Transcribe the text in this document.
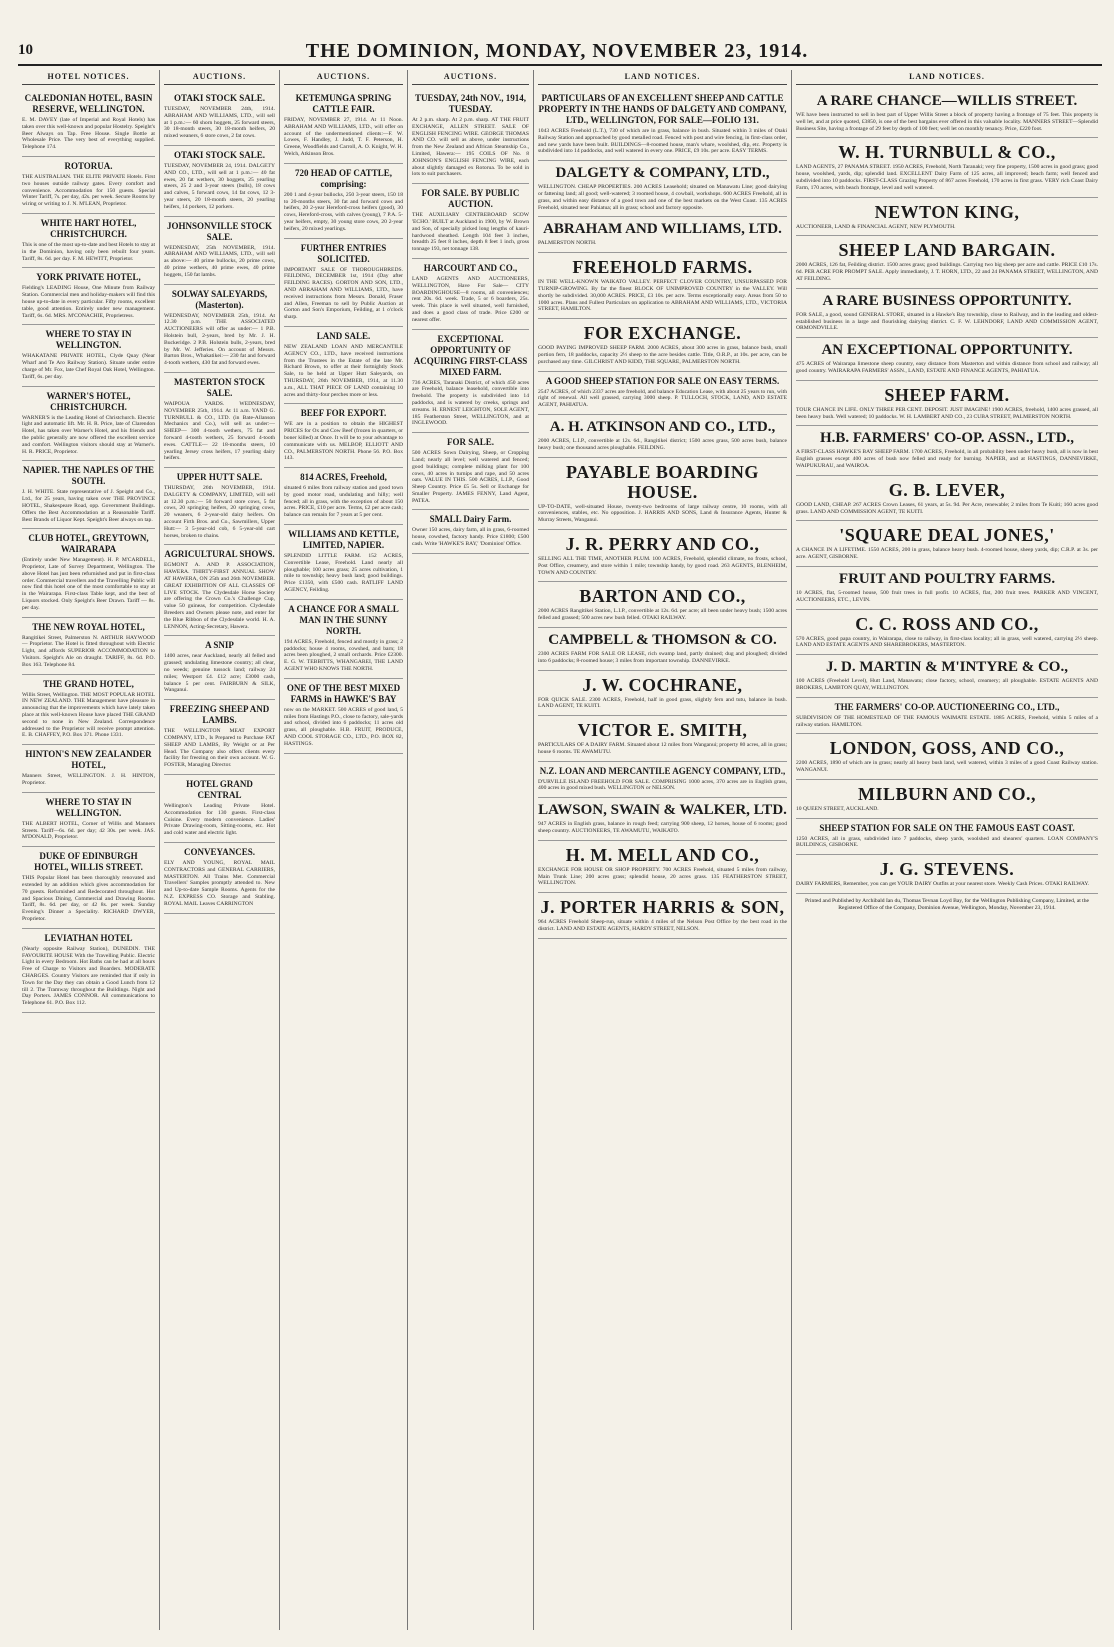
10	THE DOMINION, MONDAY, NOVEMBER 23, 1914.
HOTEL NOTICES.
CALEDONIAN HOTEL, BASIN RESERVE, WELLINGTON.
E. M. DAVEY (late of Imperial and Royal Hotels) has taken over this well-known and popular Hostelry. Speight's Beer Always on Tap. Free House. Single Bottle at Wholesale Price. The very best of everything supplied. Telephone 174.
ROTORUA.
THE AUSTRALIAN. THE ELITE PRIVATE Hotels. First two houses outside railway gates. Every comfort and convenience. Accommodation for 150 guests. Special Winter Tariff, 7s. per day, 42s. per week. Secure Rooms by wiring or writing to J. N. M'LEAN, Proprietor.
WHITE HART HOTEL, CHRISTCHURCH.
This is one of the most up-to-date and best Hotels to stay at in the Dominion, having only been rebuilt four years. Tariff, 8s. 6d. per day. F. M. HEWITT, Proprietor.
YORK PRIVATE HOTEL,
Fielding's LEADING House, One Minute from Railway Station. Commercial men and holiday-makers will find this house up-to-date in every particular. Fifty rooms, excellent table, good attention. Entirely under new management. Tariff, 6s. 6d. MRS. M'CONACHIE, Proprietress.
WHERE TO STAY IN WELLINGTON.
WHAKATANE PRIVATE HOTEL, Clyde Quay (Near Wharf and Te Aro Railway Station). Situate under entire charge of Mr. Fox, late Chef Royal Oak Hotel, Wellington. Tariff, 6s. per day.
WARNER'S HOTEL, CHRISTCHURCH.
WARNER'S is the Leading Hotel of Christchurch. Electric light and automatic lift. Mr. H. R. Price, late of Clarendon Hotel, has taken over Warner's Hotel, and his friends and the public generally are now offered the excellent service and comfort. Wellington visitors should stay at Warner's. H. R. PRICE, Proprietor.
NAPIER. THE NAPLES OF THE SOUTH.
J. H. WHITE. State representative of J. Speight and Co., Ltd., for 25 years, having taken over THE PROVINCE HOTEL, Shakespeare Road, opp. Government Buildings. Offers the Best Accommodation at a Reasonable Tariff. Best Brands of Liquor Kept. Speight's Beer always on tap.
CLUB HOTEL, GREYTOWN, WAIRARAPA
(Entirely under New Management). H. P. M'CARDELL, Proprietor, Late of Survey Department, Wellington. The above Hotel has just been refurnished and put in first-class order. Commercial travellers and the Travelling Public will now find this hotel one of the most comfortable to stay at in the Wairarapa. First-class Table kept, and the best of Liquors stocked. Only Speight's Beer Drawn. Tariff — 8s. per day.
THE NEW ROYAL HOTEL,
Rangitikei Street, Palmerston N. ARTHUR HAYWOOD — Proprietor. The Hotel is fitted throughout with Electric Light, and affords SUPERIOR ACCOMMODATION to Visitors. Speight's Ale on draught. TARIFF, 8s. 6d. P.O. Box 163. Telephone 84.
THE GRAND HOTEL,
Willis Street, Wellington. THE MOST POPULAR HOTEL IN NEW ZEALAND. THE Management have pleasure in announcing that the improvements which have lately taken place at this well-known House have placed THE GRAND second to none in New Zealand. Correspondence addressed to the Proprietor will receive prompt attention. E. B. CHAFFEY, P.O. Box 371. Phone 1331.
HINTON'S NEW ZEALANDER HOTEL,
Manners Street, WELLINGTON. J. H. HINTON, Proprietor.
WHERE TO STAY IN WELLINGTON.
THE ALBERT HOTEL, Corner of Willis and Manners Streets. Tariff—6s. 6d. per day; 42 30s. per week. JAS. M'DONALD, Proprietor.
DUKE OF EDINBURGH HOTEL, WILLIS STREET.
THIS Popular Hotel has been thoroughly renovated and extended by an addition which gives accommodation for 70 guests. Refurnished and Redecorated throughout. Hot and Spacious Dining, Commercial and Drawing Rooms. Tariff, 8s. 6d. per day, or 42 8s. per week. Sunday Evening's Dinner a Speciality. RICHARD DWYER, Proprietor.
LEVIATHAN HOTEL
(Nearly opposite Railway Station), DUNEDIN. THE FAVOURITE HOUSE With the Travelling Public. Electric Light in every Bedroom. Hot Baths can be had at all hours Free of Charge to Visitors and Boarders. MODERATE CHARGES. Country Visitors are reminded that if only in Town for the Day they can obtain a Good Lunch from 12 till 2. The Tramway throughout the Buildings. Night and Day Porters. JAMES CONNOR. All communications to Telephone 61. P.O. Box 112.
AUCTIONS.
OTAKI STOCK SALE.
TUESDAY, NOVEMBER 24th, 1914. ABRAHAM AND WILLIAMS, LTD., will sell at 1 p.m.:— 60 shorn hoggets, 25 forward steers, 30 18-month steers, 30 18-month heifers, 20 mixed weaners, 6 store cows, 2 fat cows.
OTAKI STOCK SALE.
TUESDAY, NOVEMBER 24, 1914. DALGETY AND CO., LTD., will sell at 1 p.m.:— 40 fat ewes, 20 fat wethers, 30 hoggets, 25 yearling steers, 25 2 and 3-year steers (bulls), 18 cows and calves, 5 forward cows, 14 fat cows, 12 3-year steers, 20 18-month steers, 20 yearling heifers, 14 porkers, 12 porkers.
JOHNSONVILLE STOCK SALE.
WEDNESDAY, 25th NOVEMBER, 1914. ABRAHAM AND WILLIAMS, LTD., will sell as above:— 40 prime bullocks, 20 prime cows, 40 prime wethers, 40 prime ewes, 40 prime hoggets, 150 fat lambs.
SOLWAY SALEYARDS, (Masterton).
WEDNESDAY, NOVEMBER 25th, 1914. At 12.30 p.m. THE ASSOCIATED AUCTIONEERS will offer as under:— 1 P.B. Holstein bull, 2-years, bred by Mr. J. H. Buckeridge. 2 P.B. Holstein bulls, 2-years, bred by Mr. W. Jefferies. On account of Messrs. Barton Bros., Whakatikei:— 230 fat and forward 4-tooth wethers, 430 fat and forward ewes.
MASTERTON STOCK SALE.
WAIPOUA YARDS. WEDNESDAY, NOVEMBER 25th, 1914. At 11 a.m. YAND G. TURNBULL & CO., LTD. (in Bate-Allanson Mechanics and Co.), will sell as under:— SHEEP— 300 4-tooth wethers, 75 fat and forward 4-tooth wethers, 25 forward 4-tooth ewes. CATTLE— 22 18-months steers, 10 yearling Jersey cross heifers, 17 yearling dairy heifers.
UPPER HUTT SALE.
THURSDAY, 26th NOVEMBER, 1914. DALGETY & COMPANY, LIMITED, will sell at 12.30 p.m.:— 50 forward store cows, 5 fat cows, 20 springing heifers, 20 springing cows, 20 weaners, 6 2-year-old dairy heifers. On account Firth Bros. and Co., Sawmillers, Upper Hutt:— 3 5-year-old cob, 6 5-year-old cart horses, broken to chains.
AGRICULTURAL SHOWS.
EGMONT A. AND P. ASSOCIATION, HAWERA. THIRTY-FIRST ANNUAL SHOW AT HAWERA, ON 25th and 26th NOVEMBER. GREAT EXHIBITION OF ALL CLASSES OF LIVE STOCK. The Clydesdale Horse Society are offering the Crown Co.'s Challenge Cup, value 50 guineas, for competition. Clydesdale Breeders and Owners please note, and enter for the Blue Ribbon of the Clydesdale world. H. A. LENNON, Acting-Secretary, Hawera.
A SNIP
1400 acres, near Auckland, nearly all felled and grassed; undulating limestone country; all clear, no weeds; genuine tussock land; railway 24 miles; Westport £4. £12 acre; £3000 cash, balance 5 per cent. FAIRBURN & SILK, Wanganui.
FREEZING SHEEP AND LAMBS.
THE WELLINGTON MEAT EXPORT COMPANY, LTD., Is Prepared to Purchase FAT SHEEP AND LAMBS, By Weight or at Per Head. The Company also offers clients every facility for freezing on their own account. W. G. FOSTER, Managing Director.
HOTEL GRAND CENTRAL
Wellington's Leading Private Hotel. Accommodation for 130 guests. First-class Cuisine. Every modern convenience. Ladies' Private Drawing-room, Sitting-rooms, etc. Hot and cold water and electric light.
CONVEYANCES.
ELY AND YOUNG, ROYAL MAIL CONTRACTORS and GENERAL CARRIERS, MASTERTON. All Trains Met. Commercial Travellers' Samples promptly attended to. New and Up-to-date Sample Rooms. Agents for the N.Z. EXPRESS CO. Storage and Stabling. ROYAL MAIL Leaves CARRINGTON
AUCTIONS.
KETEMUNGA SPRING CATTLE FAIR.
FRIDAY, NOVEMBER 27, 1914. At 11 Noon. ABRAHAM AND WILLIAMS, LTD., will offer on account of the undermentioned clients:—F. W. Lowes, F. Handley, J. Judd, T. F. Peterson, H. Greene, Woodfields and Carroll, A. O. Knight, W. H. Welch, Atkinson Bros.
720 HEAD OF CATTLE, comprising:
200 1 and 4-year bullocks, 250 3-year steers, 150 18 to 20-months steers, 30 fat and forward cows and heifers, 20 2-year Hereford-cross heifers (good), 30 cows, Hereford-cross, with calves (young), 7 P.A. 5-year heifers, empty, 30 young store cows, 20 2-year heifers, 20 mixed yearlings.
FURTHER ENTRIES SOLICITED.
IMPORTANT SALE OF THOROUGHBREDS. FEILDING, DECEMBER 1st, 1914 (Day after FEILDING RACES). GORTON AND SON, LTD., AND ABRAHAM AND WILLIAMS, LTD., have received instructions from Messrs. Donald, Fraser and Allen, Freeman to sell by Public Auction at Gorton and Son's Emporium, Feilding, at 1 o'clock sharp.
LAND SALE.
NEW ZEALAND LOAN AND MERCANTILE AGENCY CO., LTD., have received instructions from the Trustees in the Estate of the late Mr. Richard Brown, to offer at their fortnightly Stock Sale, to be held at Upper Hutt Saleyards, on THURSDAY, 26th NOVEMBER, 1914, at 11.30 a.m., ALL THAT PIECE OF LAND containing 10 acres and thirty-four perches more or less.
BEEF FOR EXPORT.
WE are in a position to obtain the HIGHEST PRICES for Ox and Cow Beef (frozen in quarters, or boner killed) at Once. It will be to your advantage to communicate with us. MELBOP, ELLIOTT AND CO., PALMERSTON NORTH. Phone 56. P.O. Box 143.
814 ACRES, Freehold,
situated 6 miles from railway station and good town by good motor road, undulating and hilly; well fenced; all in grass, with the exception of about 150 acres. PRICE, £10 per acre. Terms, £2 per acre cash; balance can remain for 7 years at 5 per cent.
WILLIAMS AND KETTLE, LIMITED, NAPIER.
SPLENDID LITTLE FARM. 152 ACRES, Convertible Lease, Freehold. Land nearly all ploughable; 100 acres grass; 25 acres cultivation, 1 mile to township; heavy bush land; good buildings. Price £1350, with £500 cash. RATLIFF LAND AGENCY, Feilding.
A CHANCE FOR A SMALL MAN IN THE SUNNY NORTH.
194 ACRES, Freehold, fenced and mostly in grass; 2 paddocks; house 4 rooms, cowshed, and barn; 18 acres been ploughed, 2 small orchards. Price £2300. E. G. W. TEBBITTS, WHANGAREI, THE LAND AGENT WHO KNOWS THE NORTH.
ONE OF THE BEST MIXED FARMS in HAWKE'S BAY
now on the MARKET. 500 ACRES of good land, 5 miles from Hastings P.O., close to factory, sale-yards and school, divided into 6 paddocks; 11 acres old grass, all ploughable. H.B. FRUIT, PRODUCE, AND COOL STORAGE CO., LTD., P.O. BOX 82, HASTINGS.
AUCTIONS.
TUESDAY, 24th NOV., 1914, TUESDAY.
At 2 p.m. sharp. At 2 p.m. sharp. AT THE FRUIT EXCHANGE, ALLEN STREET. SALE OF ENGLISH FENCING WIRE. GEORGE THOMAS AND CO. will sell as above, under instructions from the New Zealand and African Steamship Co., Limited, Hawera:— 195 COILS OF No. 8 JOHNSON'S ENGLISH FENCING WIRE, each about slightly damaged ex Rotorua. To be sold in lots to suit purchasers.
FOR SALE. BY PUBLIC AUCTION.
THE AUXILIARY CENTREBOARD SCOW 'ECHO.' BUILT at Auckland in 1900, by W. Brown and Son, of specially picked long lengths of kauri-hardwood sheathed. Length 104 feet 3 inches, breadth 25 feet 8 inches, depth 8 feet 1 inch, gross tonnage 193, net tonnage 138.
HARCOURT AND CO.,
LAND AGENTS AND AUCTIONEERS, WELLINGTON, Have For Sale— CITY BOARDINGHOUSE—8 rooms, all conveniences; rent 20s. 6d. week. Trade, 5 or 6 boarders, 25s. week. This place is well situated, well furnished, and does a good class of trade. Price £200 or nearest offer.
EXCEPTIONAL OPPORTUNITY OF ACQUIRING FIRST-CLASS MIXED FARM.
736 ACRES, Taranaki District, of which 450 acres are Freehold, balance leasehold, convertible into freehold. The property is subdivided into 14 paddocks, and is watered by creeks, springs and streams. H. ERNEST LEIGHTON, SOLE AGENT, 185 Featherston Street, WELLINGTON, and at INGLEWOOD.
FOR SALE.
500 ACRES Sown Dairying, Sheep, or Cropping Land; nearly all level; well watered and fenced; good buildings; complete milking plant for 100 cows, 40 acres in turnips and rape, and 50 acres oats. VALUE IN THIS. 500 ACRES, L.I.P., Good Sheep Country. Price £5 5s. Sell or Exchange for Smaller Property. JAMES FENNY, Land Agent, PATEA.
SMALL Dairy Farm.
Owner 150 acres, dairy farm, all in grass, 6-roomed house, cowshed, factory handy. Price £1800; £500 cash. Write 'HAWKE'S BAY,' 'Dominion' Office.
LAND NOTICES.
PARTICULARS OF AN EXCELLENT SHEEP AND CATTLE PROPERTY IN THE HANDS OF DALGETY AND COMPANY, LTD., WELLINGTON, FOR SALE—FOLIO 131.
1043 ACRES Freehold (L.T.), 730 of which are in grass, balance in bush. Situated within 3 miles of Otaki Railway Station and approached by good metalled road. Fenced with post and wire fencing, in first-class order, and new yards have been built. BUILDINGS—8-roomed house, man's whare, woolshed, dip, etc. Property is subdivided into 14 paddocks, and well watered in every one. PRICE, £9 10s. per acre. EASY TERMS.
DALGETY & COMPANY, LTD.,
WELLINGTON. CHEAP PROPERTIES. 200 ACRES Leasehold; situated on Manawatu Line; good dairying or fattening land; all good; well-watered; 3 roomed house, 4 cowbail, workshops. 600 ACRES Freehold, all in grass, and within easy distance of a good town and one of the best markets on the West Coast. 135 ACRES Freehold, situated near Pahiatua; all in grass; school and factory opposite.
ABRAHAM AND WILLIAMS, LTD.
PALMERSTON NORTH.
FREEHOLD FARMS.
IN THE WELL-KNOWN WAIKATO VALLEY. PERFECT CLOVER COUNTRY, UNSURPASSED FOR TURNIP-GROWING. By far the finest BLOCK OF UNIMPROVED COUNTRY in the VALLEY. Will shortly be subdivided. 30,000 ACRES. PRICE, £3 10s. per acre. Terms exceptionally easy. Areas from 50 to 1000 acres. Plans and Fullest Particulars on application to ABRAHAM AND WILLIAMS, LTD., VICTORIA STREET, HAMILTON.
FOR EXCHANGE.
GOOD PAYING IMPROVED SHEEP FARM. 2000 ACRES, about 300 acres in grass, balance bush, small portion fern, 18 paddocks, capacity 2½ sheep to the acre besides cattle. Title, O.R.P., at 10s. per acre, can be purchased any time. GILCHRIST AND KIDD, THE SQUARE, PALMERSTON NORTH.
A GOOD SHEEP STATION FOR SALE ON EASY TERMS.
2547 ACRES, of which 2337 acres are freehold, and balance Education Lease, with about 25 years to run, with right of renewal. All well grassed, carrying 3000 sheep. P. TULLOCH, STOCK, LAND, AND ESTATE AGENT, PAHIATUA.
A. H. ATKINSON AND CO., LTD.,
2000 ACRES, L.I.P., convertible at 12s. 6d., Rangitikei district; 1500 acres grass, 500 acres bush, balance heavy bush; one thousand acres ploughable. FEILDING.
PAYABLE BOARDING HOUSE.
UP-TO-DATE, well-situated House, twenty-two bedrooms of large railway centre, 10 rooms, with all conveniences, stables, etc. No opposition. J. HARRIS AND SONS, Land & Insurance Agents, Hunter & Murray Streets, Wanganui.
J. R. PERRY AND CO.,
SELLING ALL THE TIME, ANOTHER PLUM. 100 ACRES, Freehold, splendid climate, no frosts, school, Post Office, creamery, and store within 1 mile; township handy, by good road. 263 AGENTS, BLENHEIM, TOWN AND COUNTRY.
BARTON AND CO.,
2000 ACRES Rangitikei Station, L.I.P., convertible at 12s. 6d. per acre; all been under heavy bush; 1500 acres felled and grassed; 500 acres new bush felled. OTAKI RAILWAY.
CAMPBELL & THOMSON & CO.
2300 ACRES FARM FOR SALE OR LEASE, rich swamp land, partly drained; dug and ploughed; divided into 6 paddocks; 8-roomed house; 3 miles from important township. DANNEVIRKE.
J. W. COCHRANE,
FOR QUICK SALE. 2300 ACRES, Freehold, half in good grass, slightly fern and tutu, balance in bush. LAND AGENT, TE KUITI.
VICTOR E. SMITH,
PARTICULARS OF A DAIRY FARM. Situated about 12 miles from Wanganui; property 80 acres, all in grass; house 6 rooms. TE AWAMUTU.
N.Z. LOAN AND MERCANTILE AGENCY COMPANY, LTD.,
D'URVILLE ISLAND FREEHOLD FOR SALE. COMPRISING 1000 acres, 370 acres are in English grass, 400 acres in good mixed bush. WELLINGTON or NELSON.
LAWSON, SWAIN & WALKER, LTD.
947 ACRES in English grass, balance in rough feed; carrying 900 sheep, 12 horses, house of 6 rooms; good sheep country. AUCTIONEERS, TE AWAMUTU, WAIKATO.
H. M. MELL AND CO.,
EXCHANGE FOR HOUSE OR SHOP PROPERTY. 700 ACRES Freehold, situated 5 miles from railway, Main Trunk Line; 200 acres grass; splendid house, 20 acres grass. 135 FEATHERSTON STREET, WELLINGTON.
J. PORTER HARRIS & SON,
964 ACRES Freehold Sheep-run, situate within 4 miles of the Nelson Post Office by the best road in the district. LAND AND ESTATE AGENTS, HARDY STREET, NELSON.
LAND NOTICES.
A RARE CHANCE—WILLIS STREET.
WE have been instructed to sell in best part of Upper Willis Street a block of property having a frontage of 75 feet. This property is well let, and at price quoted, £3850, is one of the best bargains ever offered in this valuable locality. MANNERS STREET—Splendid Business Site, having a frontage of 29 feet by depth of 100 feet; well let on monthly tenancy. Price, £220 foot.
W. H. TURNBULL & CO.,
LAND AGENTS, 27 PANAMA STREET. 1950 ACRES, Freehold, North Taranaki; very fine property, 1500 acres in good grass; good house, woolshed, yards, dip; splendid land. EXCELLENT Dairy Farm of 125 acres, all improved; beach farm; well fenced and subdivided into 10 paddocks. FIRST-CLASS Grazing Property of 867 acres Freehold, 170 acres in first grass. VERY rich Coast Dairy Farm, 170 acres, with beach frontage, level and well watered.
NEWTON KING,
AUCTIONEER, LAND & FINANCIAL AGENT, NEW PLYMOUTH.
SHEEP LAND BARGAIN.
2000 ACRES, 126 fat, Feilding district. 1500 acres grass; good buildings. Carrying two big sheep per acre and cattle. PRICE £10 17s. 6d. PER ACRE FOR PROMPT SALE. Apply immediately, J. T. HORN, LTD., 22 and 24 PANAMA STREET, WELLINGTON, AND AT FEILDING.
A RARE BUSINESS OPPORTUNITY.
FOR SALE, a good, sound GENERAL STORE, situated in a Hawke's Bay township, close to Railway, and in the leading and oldest-established business in a large and flourishing dairying district. C. F. W. LEHNDORF, LAND AND COMMISSION AGENT, ORMONDVILLE.
AN EXCEPTIONAL OPPORTUNITY.
475 ACRES of Wairarapa limestone sheep country, easy distance from Masterton and within distance from school and railway; all good country. WAIRARAPA FARMERS' ASSN., LAND, ESTATE AND FINANCE AGENTS, PAHIATUA.
SHEEP FARM.
TOUR CHANCE IN LIFE. ONLY THREE PER CENT. DEPOSIT. JUST IMAGINE! 1900 ACRES, freehold, 1400 acres grassed, all been heavy bush. Well watered; 10 paddocks. W. H. LAMBERT AND CO., 23 CUBA STREET, PALMERSTON NORTH.
H.B. FARMERS' CO-OP. ASSN., LTD.,
A FIRST-CLASS HAWKE'S BAY SHEEP FARM. 1700 ACRES, Freehold, in all probability been under heavy bush, all is now in best English grasses except 400 acres of bush now felled and ready for burning. NAPIER, and at HASTINGS, DANNEVIRKE, WAIPUKURAU, and WAIROA.
G. B. LEVER,
GOOD LAND, CHEAP. 267 ACRES Crown Leases, 61 years, at 5s. 9d. Per Acre, renewable; 2 miles from Te Kuiti; 160 acres good grass. LAND AND COMMISSION AGENT, TE KUITI.
'SQUARE DEAL JONES,'
A CHANCE IN A LIFETIME. 1550 ACRES, 200 in grass, balance heavy bush. 4-roomed house, sheep yards, dip; C.R.P. at 3s. per acre. AGENT, GISBORNE.
FRUIT AND POULTRY FARMS.
10 ACRES, flat, 5-roomed house, 500 fruit trees in full profit. 10 ACRES, flat, 200 fruit trees. PARKER AND VINCENT, AUCTIONEERS, ETC., LEVIN.
C. C. ROSS AND CO.,
570 ACRES, good papa country, in Wairarapa, close to railway, in first-class locality; all in grass, well watered, carrying 2½ sheep. LAND AND ESTATE AGENTS AND SHAREBROKERS, MASTERTON.
J. D. MARTIN & M'INTYRE & CO.,
100 ACRES (Freehold Level), Hutt Land, Manawatu; close factory, school, creamery; all ploughable. ESTATE AGENTS AND BROKERS, LAMBTON QUAY, WELLINGTON.
THE FARMERS' CO-OP. AUCTIONEERING CO., LTD.,
SUBDIVISION OF THE HOMESTEAD OF THE FAMOUS WAIMATE ESTATE. 1885 ACRES, Freehold, within 5 miles of a railway station. HAMILTON.
LONDON, GOSS, AND CO.,
2200 ACRES, 1890 of which are in grass; nearly all heavy bush land, well watered, within 3 miles of a good Coast Railway station. WANGANUI.
MILBURN AND CO.,
10 QUEEN STREET, AUCKLAND.
SHEEP STATION FOR SALE ON THE FAMOUS EAST COAST.
1250 ACRES, all in grass, subdivided into 7 paddocks, sheep yards, woolshed and shearers' quarters. LOAN COMPANY'S BUILDINGS, GISBORNE.
J. G. STEVENS.
DAIRY FARMERS, Remember, you can get YOUR DAIRY Outfits at your nearest store. Weekly Cash Prices. OTAKI RAILWAY.
Printed and Published by Archibald Ian du, Thomas Tevnan Loyd Bay, for the Wellington Publishing Company, Limited, at the Registered Office of the Company, Dominion Avenue, Wellington, Monday, November 23, 1914.
